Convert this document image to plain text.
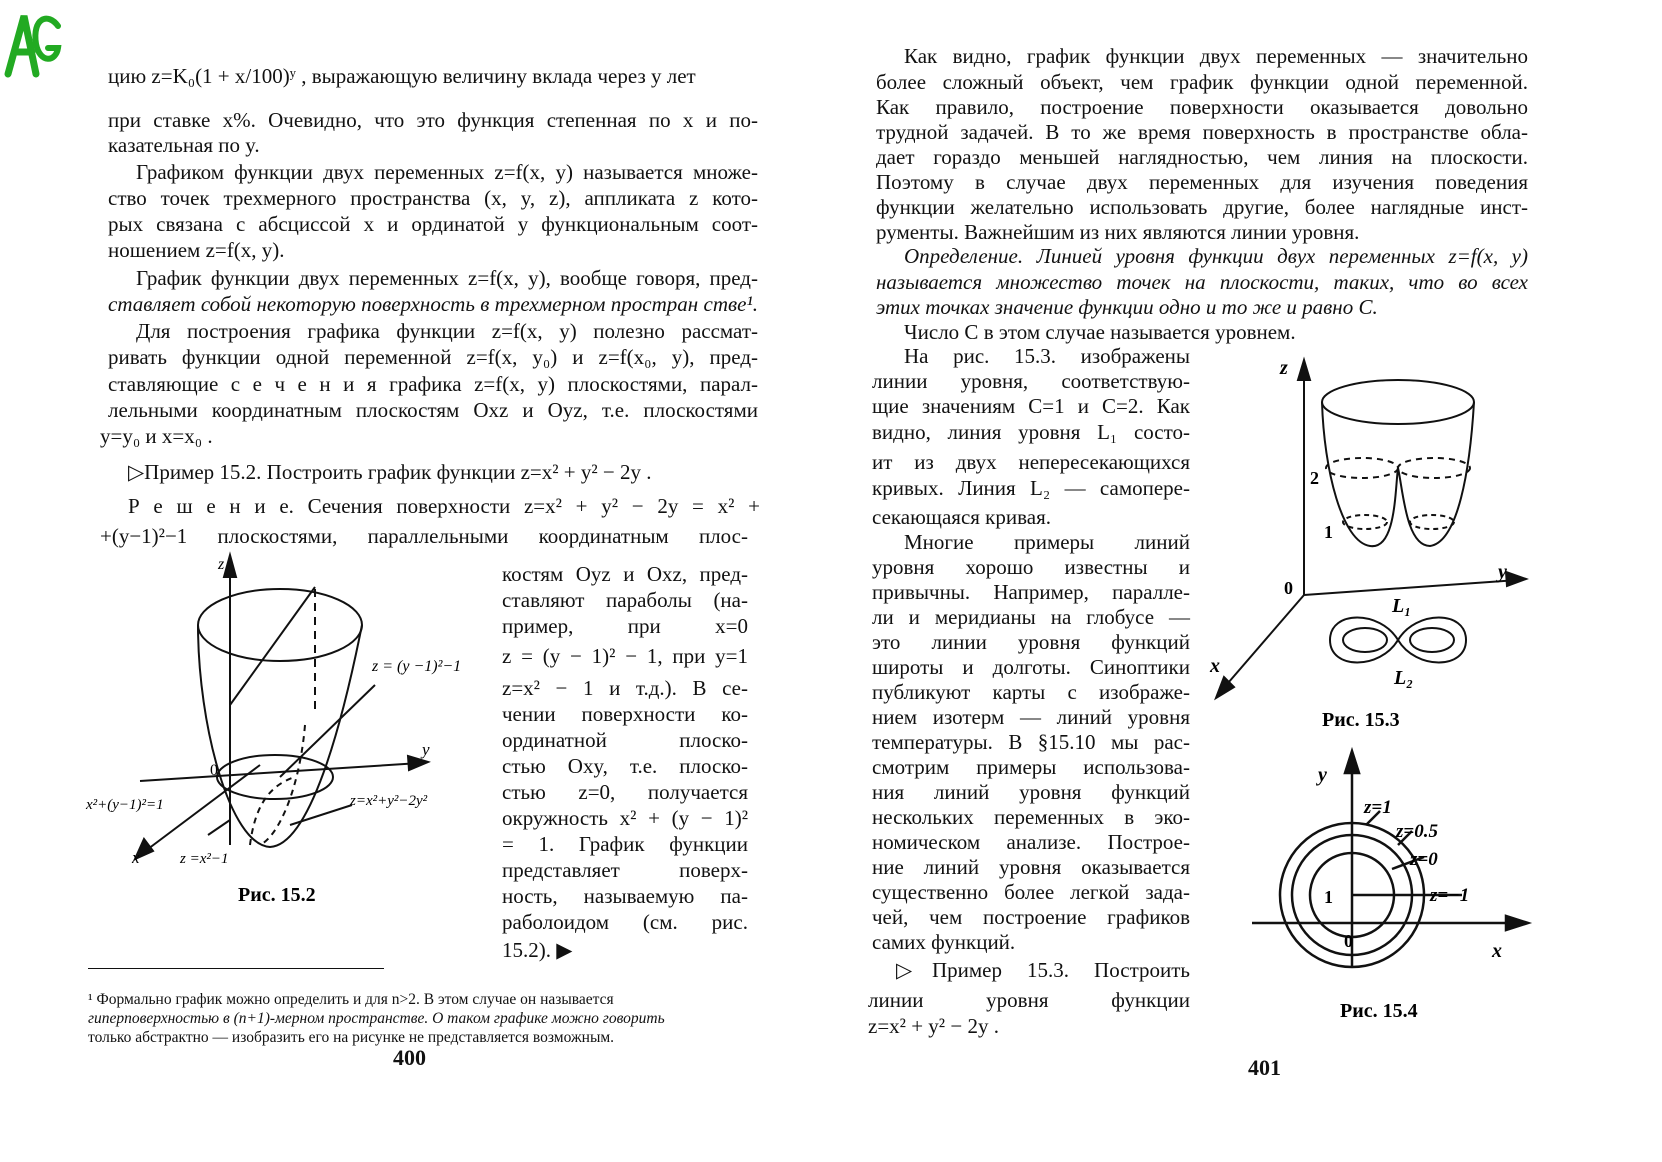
цию z=K₀(1 + x/100)ʸ , выражающую величину вклада через y лет
при ставке x%. Очевидно, что это функция степенная по x и по-
казательная по y.
Графиком функции двух переменных z=f(x, y) называется множе-
ство точек трехмерного пространства (x, y, z), аппликата z кото-
рых связана с абсциссой x и ординатой y функциональным соот-
ношением z=f(x, y).
График функции двух переменных z=f(x, y), вообще говоря, пред-
ставляет собой некоторую поверхность в трехмерном простран стве¹.
Для построения графика функции z=f(x, y) полезно рассмат-
ривать функции одной переменной z=f(x, y₀) и z=f(x₀, y), пред-
ставляющие с е ч е н и я графика z=f(x, y) плоскостями, парал-
лельными координатным плоскостям Oxz и Oyz, т.е. плоскостями
y=y₀ и x=x₀ .
▷Пример 15.2. Построить график функции z=x² + y² − 2y .
Р е ш е н и е. Сечения поверхности z=x² + y² − 2y = x² +
+(y−1)²−1 плоскостями, параллельными координатным плос-
костям Oyz и Oxz, пред-
ставляют параболы (на-
пример, при x=0
z = (y − 1)² − 1, при y=1
z=x² − 1 и т.д.). В се-
чении поверхности ко-
ординатной плоско-
стью Oxy, т.е. плоско-
стью z=0, получается
окружность x² + (y − 1)²
= 1. График функции
представляет поверх-
ность, называемую па-
раболоидом (см. рис.
15.2). ▶
z
y
x
0
z = (y −1)²−1
x²+(y−1)²=1	z=x²+y²−2y²
z =x²−1
Рис. 15.2
¹ Формально график можно определить и для n>2. В этом случае он называется
гиперповерхностью в (n+1)-мерном пространстве. О таком графике можно говорить
только абстрактно — изобразить его на рисунке не представляется возможным.
400
Как видно, график функции двух переменных — значительно
более сложный объект, чем график функции одной переменной.
Как правило, построение поверхности оказывается довольно
трудной задачей. В то же время поверхность в пространстве обла-
дает гораздо меньшей наглядностью, чем линия на плоскости.
Поэтому в случае двух переменных для изучения поведения
функции желательно использовать другие, более наглядные инст-
рументы. Важнейшим из них являются линии уровня.
Определение. Линией уровня функции двух переменных z=f(x, y)
называется множество точек на плоскости, таких, что во всех
этих точках значение функции одно и то же и равно C.
Число C в этом случае называется уровнем.
На рис. 15.3. изображены
линии уровня, соответствую-
щие значениям C=1 и C=2. Как
видно, линия уровня L₁ состо-
ит из двух непересекающихся
кривых. Линия L₂ — самопере-
секающаяся кривая.
Многие примеры линий
уровня хорошо известны и
привычны. Например, паралле-
ли и меридианы на глобусе —
это линии уровня функций
широты и долготы. Синоптики
публикуют карты с изображе-
нием изотерм — линий уровня
температуры. В §15.10 мы рас-
смотрим примеры использова-
ния линий уровня функций
нескольких переменных в эко-
номическом анализе. Построе-
ние линий уровня оказывается
существенно более легкой зада-
чей, чем построение графиков
самих функций.
▷Пример 15.3. Построить
линии уровня функции
z=x² + y² − 2y .
z
y
x
0
2
1
L₁
L₂
Рис. 15.3
y
x
0
1
z=1
z=0.5
z=0
z=−1
Рис. 15.4
401
